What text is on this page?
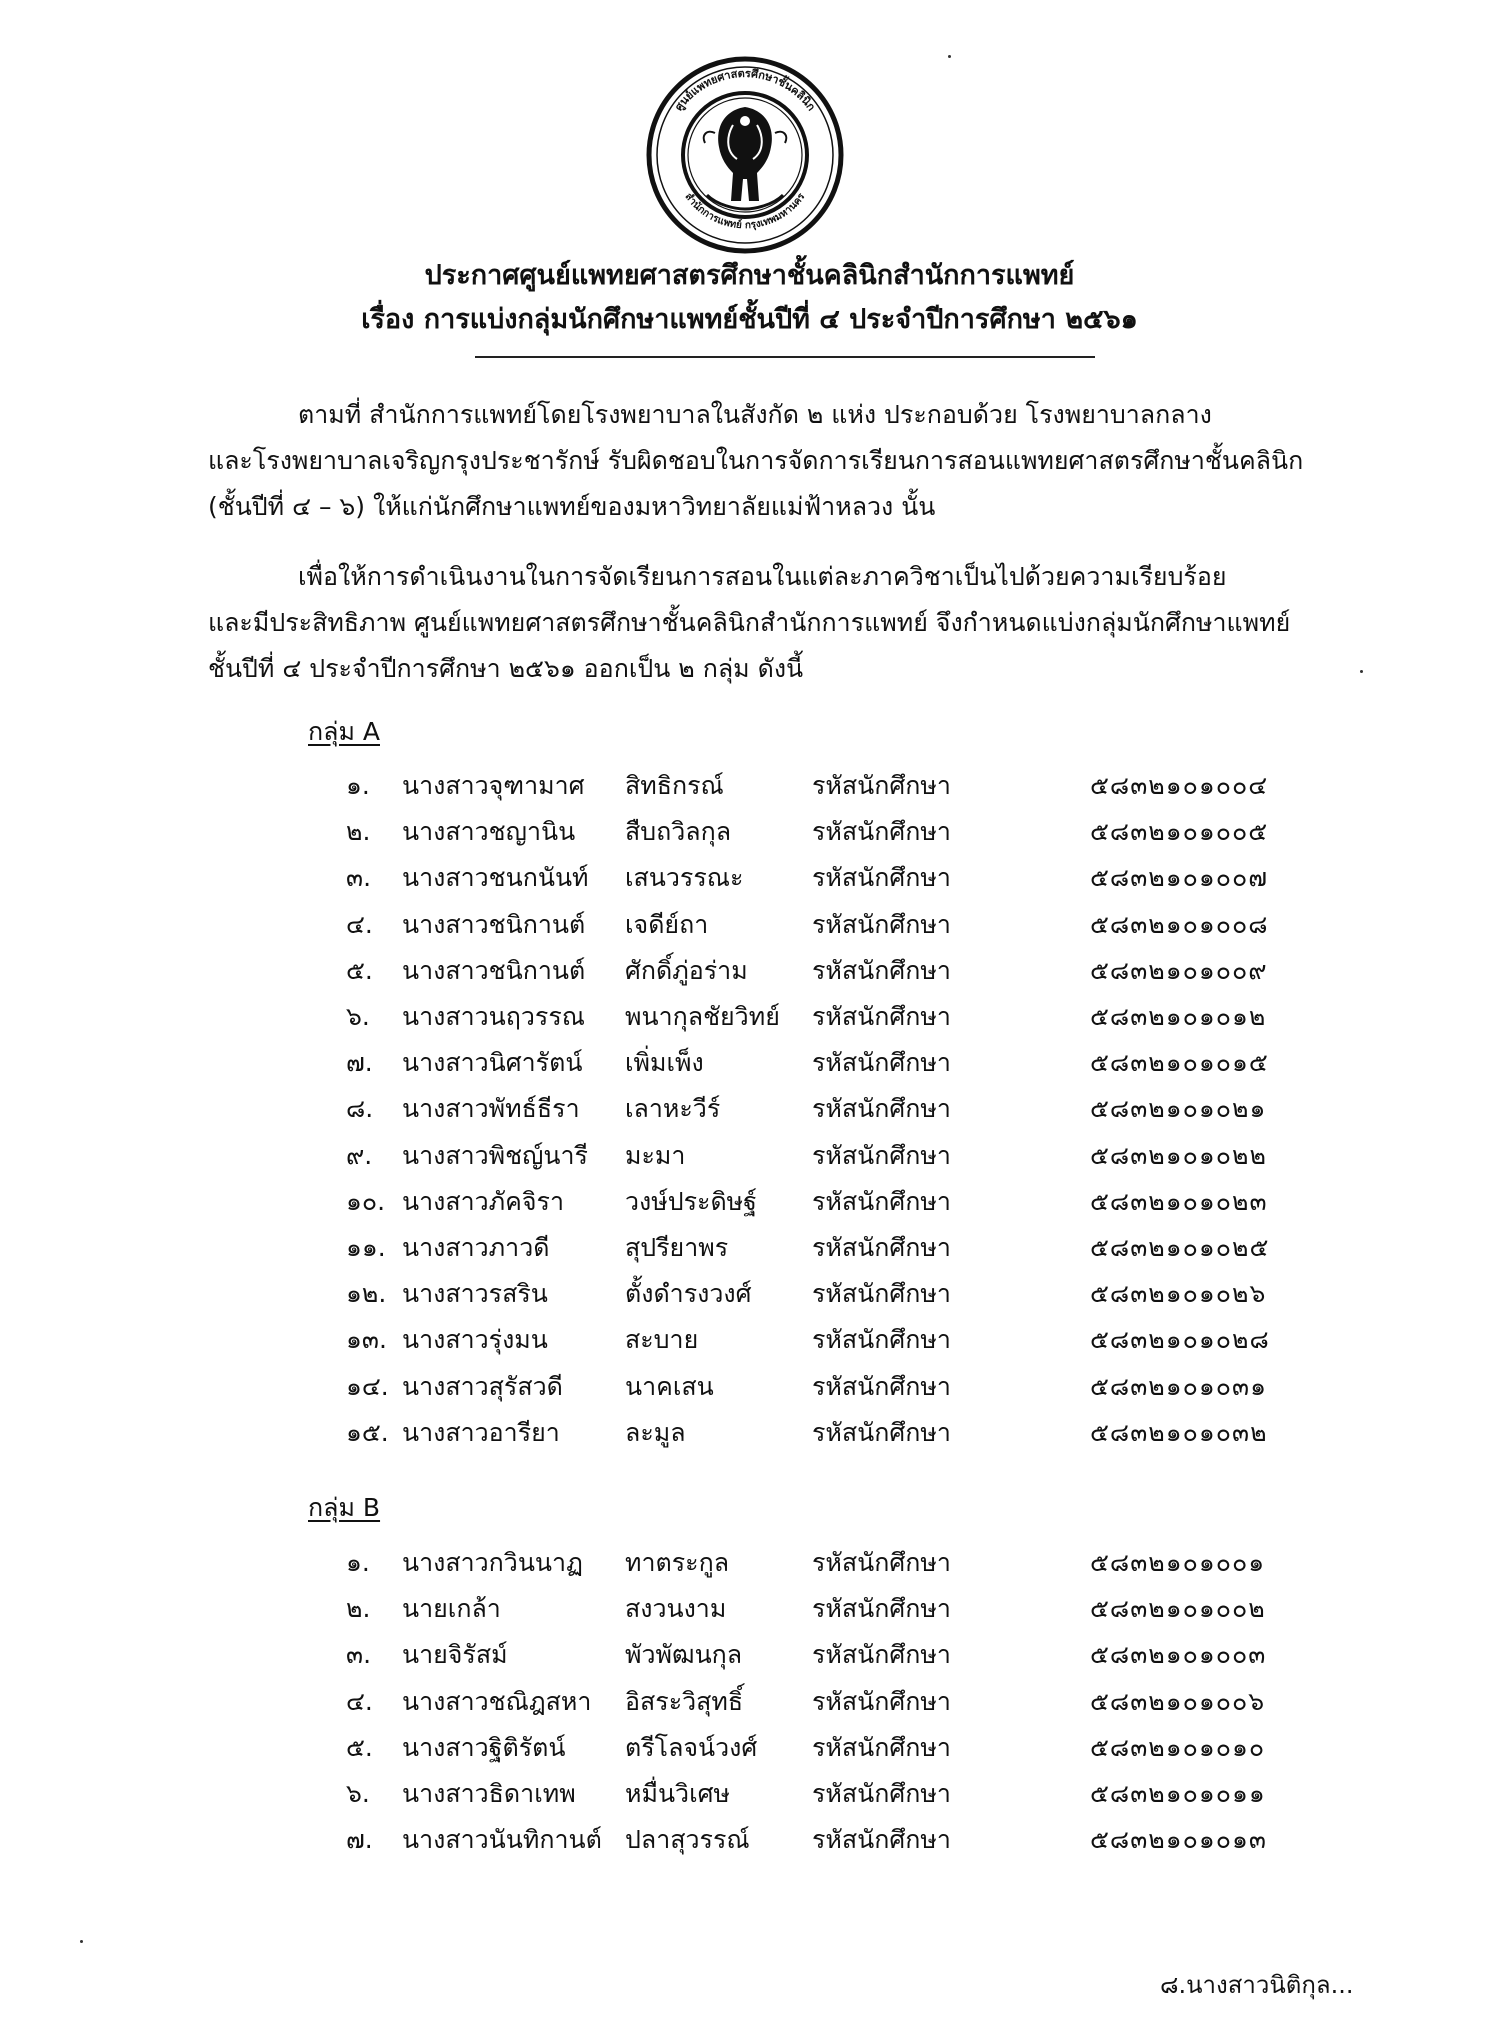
ศูนย์แพทยศาสตรศึกษาชั้นคลินิก
สำนักการแพทย์ กรุงเทพมหานคร
ประกาศศูนย์แพทยศาสตรศึกษาชั้นคลินิกสำนักการแพทย์
เรื่อง การแบ่งกลุ่มนักศึกษาแพทย์ชั้นปีที่ ๔ ประจำปีการศึกษา ๒๕๖๑
ตามที่ สำนักการแพทย์โดยโรงพยาบาลในสังกัด ๒ แห่ง ประกอบด้วย โรงพยาบาลกลาง
และโรงพยาบาลเจริญกรุงประชารักษ์ รับผิดชอบในการจัดการเรียนการสอนแพทยศาสตรศึกษาชั้นคลินิก
(ชั้นปีที่ ๔ – ๖) ให้แก่นักศึกษาแพทย์ของมหาวิทยาลัยแม่ฟ้าหลวง นั้น
เพื่อให้การดำเนินงานในการจัดเรียนการสอนในแต่ละภาควิชาเป็นไปด้วยความเรียบร้อย
และมีประสิทธิภาพ ศูนย์แพทยศาสตรศึกษาชั้นคลินิกสำนักการแพทย์ จึงกำหนดแบ่งกลุ่มนักศึกษาแพทย์
ชั้นปีที่ ๔ ประจำปีการศึกษา ๒๕๖๑ ออกเป็น ๒ กลุ่ม ดังนี้
กลุ่ม A
๑. นางสาวจุฑามาศ สิทธิกรณ์	รหัสนักศึกษา	๕๘๓๒๑๐๑๐๐๔
๒. นางสาวชญานิน สืบถวิลกุล	รหัสนักศึกษา	๕๘๓๒๑๐๑๐๐๕
๓. นางสาวชนกนันท์ เสนวรรณะ	รหัสนักศึกษา	๕๘๓๒๑๐๑๐๐๗
๔. นางสาวชนิกานต์ เจดีย์ถา	รหัสนักศึกษา	๕๘๓๒๑๐๑๐๐๘
๕. นางสาวชนิกานต์ ศักดิ์ภู่อร่าม	รหัสนักศึกษา	๕๘๓๒๑๐๑๐๐๙
๖. นางสาวนฤวรรณ พนากุลชัยวิทย์ รหัสนักศึกษา	๕๘๓๒๑๐๑๐๑๒
๗. นางสาวนิศารัตน์ เพิ่มเพ็ง	รหัสนักศึกษา	๕๘๓๒๑๐๑๐๑๕
๘. นางสาวพัทธ์ธีรา เลาหะวีร์	รหัสนักศึกษา	๕๘๓๒๑๐๑๐๒๑
๙. นางสาวพิชญ์นารี มะมา	รหัสนักศึกษา	๕๘๓๒๑๐๑๐๒๒
๑๐. นางสาวภัคจิรา วงษ์ประดิษฐ์ รหัสนักศึกษา	๕๘๓๒๑๐๑๐๒๓
๑๑. นางสาวภาวดี	สุปรียาพร	รหัสนักศึกษา	๕๘๓๒๑๐๑๐๒๕
๑๒. นางสาวรสริน	ตั้งดำรงวงศ์ รหัสนักศึกษา	๕๘๓๒๑๐๑๐๒๖
๑๓. นางสาวรุ่งมน	สะบาย	รหัสนักศึกษา	๕๘๓๒๑๐๑๐๒๘
๑๔. นางสาวสุรัสวดี นาคเสน	รหัสนักศึกษา	๕๘๓๒๑๐๑๐๓๑
๑๕. นางสาวอารียา	ละมูล	รหัสนักศึกษา	๕๘๓๒๑๐๑๐๓๒
กลุ่ม B
๑. นางสาวกวินนาฏ ทาตระกูล	รหัสนักศึกษา	๕๘๓๒๑๐๑๐๐๑
๒. นายเกล้า	สงวนงาม	รหัสนักศึกษา	๕๘๓๒๑๐๑๐๐๒
๓. นายจิรัสม์	พัวพัฒนกุล	รหัสนักศึกษา	๕๘๓๒๑๐๑๐๐๓
๔. นางสาวชณิฎสหา อิสระวิสุทธิ์	รหัสนักศึกษา	๕๘๓๒๑๐๑๐๐๖
๕. นางสาวฐิติรัตน์ ตรีโลจน์วงศ์ รหัสนักศึกษา	๕๘๓๒๑๐๑๐๑๐
๖. นางสาวธิดาเทพ หมื่นวิเศษ	รหัสนักศึกษา	๕๘๓๒๑๐๑๐๑๑
๗. นางสาวนันทิกานต์ ปลาสุวรรณ์ รหัสนักศึกษา	๕๘๓๒๑๐๑๐๑๓
๘.นางสาวนิติกุล...
